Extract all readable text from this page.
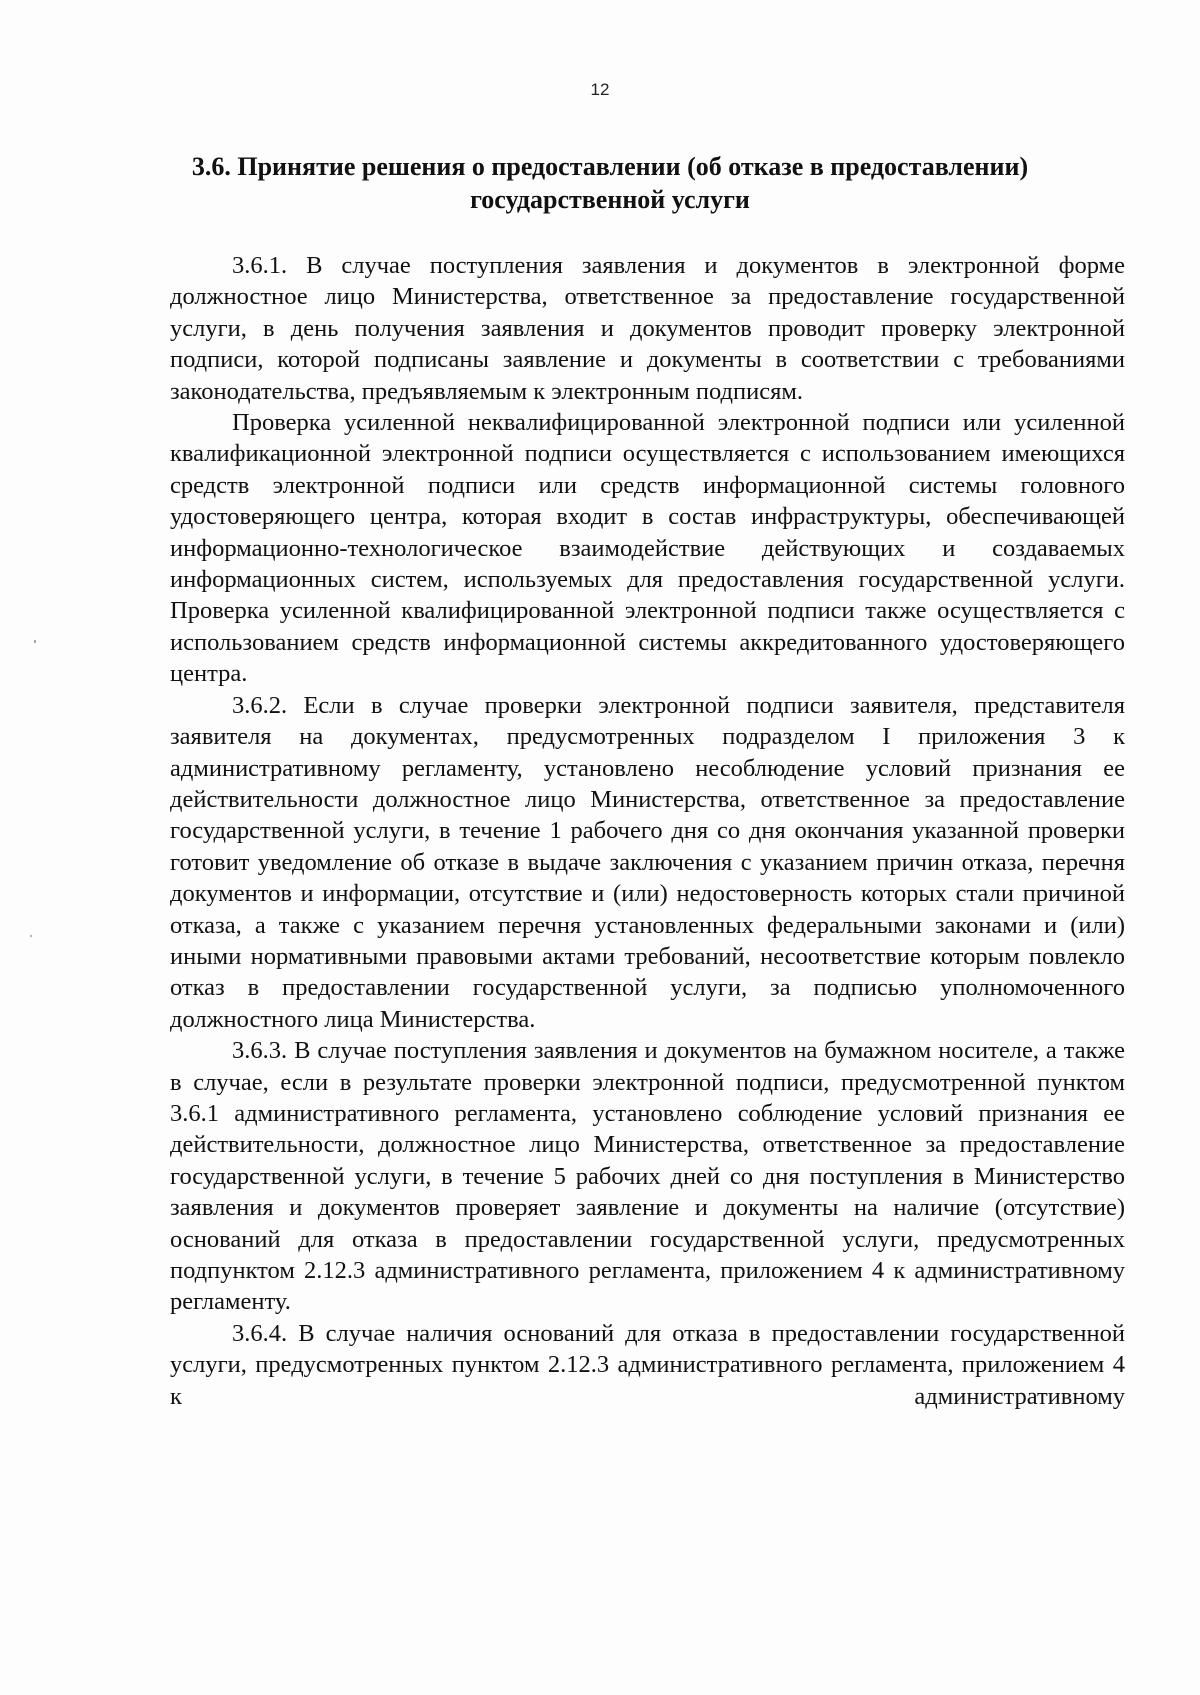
12
3.6. Принятие решения о предоставлении (об отказе в предоставлении)
государственной услуги

3.6.1. В случае поступления заявления и документов в электронной форме должностное лицо Министерства, ответственное за предоставление государственной услуги, в день получения заявления и документов проводит проверку электронной подписи, которой подписаны заявление и документы в соответствии с требованиями законодательства, предъявляемым к электронным подписям.

Проверка усиленной неквалифицированной электронной подписи или усиленной квалификационной электронной подписи осуществляется с использованием имеющихся средств электронной подписи или средств информационной системы головного удостоверяющего центра, которая входит в состав инфраструктуры, обеспечивающей информационно-технологическое взаимодействие действующих и создаваемых информационных систем, используемых для предоставления государственной услуги. Проверка усиленной квалифицированной электронной подписи также осуществляется с использованием средств информационной системы аккредитованного удостоверяющего центра.

3.6.2. Если в случае проверки электронной подписи заявителя, представителя заявителя на документах, предусмотренных подразделом I приложения 3 к административному регламенту, установлено несоблюдение условий признания ее действительности должностное лицо Министерства, ответственное за предоставление государственной услуги, в течение 1 рабочего дня со дня окончания указанной проверки готовит уведомление об отказе в выдаче заключения с указанием причин отказа, перечня документов и информации, отсутствие и (или) недостоверность которых стали причиной отказа, а также с указанием перечня установленных федеральными законами и (или) иными нормативными правовыми актами требований, несоответствие которым повлекло отказ в предоставлении государственной услуги, за подписью уполномоченного должностного лица Министерства.

3.6.3. В случае поступления заявления и документов на бумажном носителе, а также в случае, если в результате проверки электронной подписи, предусмотренной пунктом 3.6.1 административного регламента, установлено соблюдение условий признания ее действительности, должностное лицо Министерства, ответственное за предоставление государственной услуги, в течение 5 рабочих дней со дня поступления в Министерство заявления и документов проверяет заявление и документы на наличие (отсутствие) оснований для отказа в предоставлении государственной услуги, предусмотренных подпунктом 2.12.3 административного регламента, приложением 4 к административному регламенту.

3.6.4. В случае наличия оснований для отказа в предоставлении государственной услуги, предусмотренных пунктом 2.12.3 административного регламента, приложением 4 к административному
